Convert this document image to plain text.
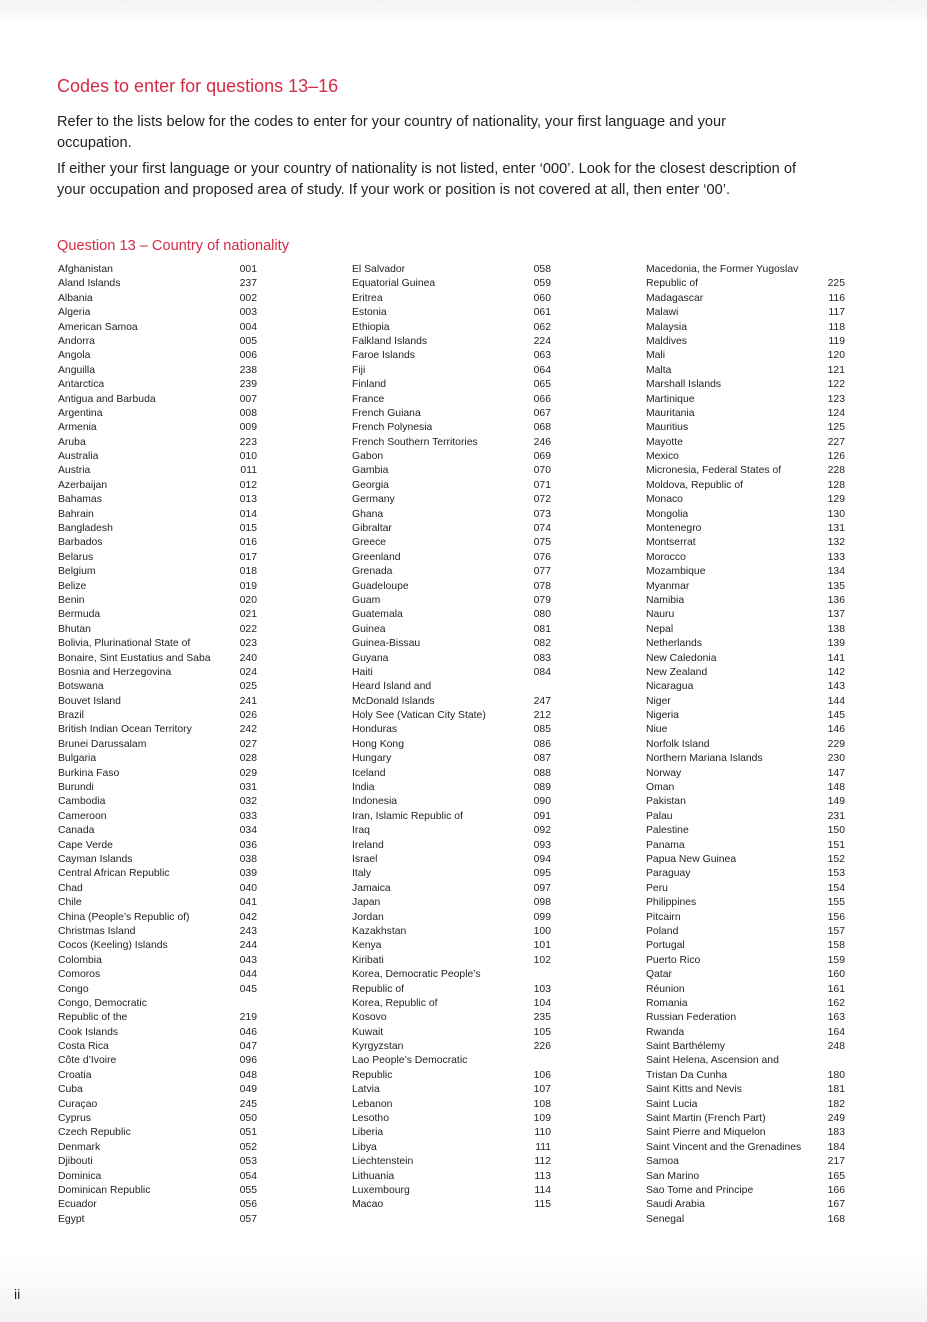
Codes to enter for questions 13–16

Refer to the lists below for the codes to enter for your country of nationality, your first language and your occupation.

If either your first language or your country of nationality is not listed, enter ‘000’. Look for the closest description of your occupation and proposed area of study. If your work or position is not covered at all, then enter ‘00’.

Question 13 – Country of nationality
Afghanistan	001
Aland Islands	237
Albania	002
Algeria	003
American Samoa	004
Andorra	005
Angola	006
Anguilla	238
Antarctica	239
Antigua and Barbuda	007
Argentina	008
Armenia	009
Aruba	223
Australia	010
Austria	011
Azerbaijan	012
Bahamas	013
Bahrain	014
Bangladesh	015
Barbados	016
Belarus	017
Belgium	018
Belize	019
Benin	020
Bermuda	021
Bhutan	022
Bolivia, Plurinational State of	023
Bonaire, Sint Eustatius and Saba	240
Bosnia and Herzegovina	024
Botswana	025
Bouvet Island	241
Brazil	026
British Indian Ocean Territory	242
Brunei Darussalam	027
Bulgaria	028
Burkina Faso	029
Burundi	031
Cambodia	032
Cameroon	033
Canada	034
Cape Verde	036
Cayman Islands	038
Central African Republic	039
Chad	040
Chile	041
China (People’s Republic of)	042
Christmas Island	243
Cocos (Keeling) Islands	244
Colombia	043
Comoros	044
Congo	045
Congo, Democratic
Republic of the	219
Cook Islands	046
Costa Rica	047
Côte d’Ivoire	096
Croatia	048
Cuba	049
Curaçao	245
Cyprus	050
Czech Republic	051
Denmark	052
Djibouti	053
Dominica	054
Dominican Republic	055
Ecuador	056
Egypt	057
El Salvador	058
Equatorial Guinea	059
Eritrea	060
Estonia	061
Ethiopia	062
Falkland Islands	224
Faroe Islands	063
Fiji	064
Finland	065
France	066
French Guiana	067
French Polynesia	068
French Southern Territories	246
Gabon	069
Gambia	070
Georgia	071
Germany	072
Ghana	073
Gibraltar	074
Greece	075
Greenland	076
Grenada	077
Guadeloupe	078
Guam	079
Guatemala	080
Guinea	081
Guinea-Bissau	082
Guyana	083
Haiti	084
Heard Island and
McDonald Islands	247
Holy See (Vatican City State)	212
Honduras	085
Hong Kong	086
Hungary	087
Iceland	088
India	089
Indonesia	090
Iran, Islamic Republic of	091
Iraq	092
Ireland	093
Israel	094
Italy	095
Jamaica	097
Japan	098
Jordan	099
Kazakhstan	100
Kenya	101
Kiribati	102
Korea, Democratic People’s
Republic of	103
Korea, Republic of	104
Kosovo	235
Kuwait	105
Kyrgyzstan	226
Lao People’s Democratic
Republic	106
Latvia	107
Lebanon	108
Lesotho	109
Liberia	110
Libya	111
Liechtenstein	112
Lithuania	113
Luxembourg	114
Macao	115
Macedonia, the Former Yugoslav
Republic of	225
Madagascar	116
Malawi	117
Malaysia	118
Maldives	119
Mali	120
Malta	121
Marshall Islands	122
Martinique	123
Mauritania	124
Mauritius	125
Mayotte	227
Mexico	126
Micronesia, Federal States of	228
Moldova, Republic of	128
Monaco	129
Mongolia	130
Montenegro	131
Montserrat	132
Morocco	133
Mozambique	134
Myanmar	135
Namibia	136
Nauru	137
Nepal	138
Netherlands	139
New Caledonia	141
New Zealand	142
Nicaragua	143
Niger	144
Nigeria	145
Niue	146
Norfolk Island	229
Northern Mariana Islands	230
Norway	147
Oman	148
Pakistan	149
Palau	231
Palestine	150
Panama	151
Papua New Guinea	152
Paraguay	153
Peru	154
Philippines	155
Pitcairn	156
Poland	157
Portugal	158
Puerto Rico	159
Qatar	160
Réunion	161
Romania	162
Russian Federation	163
Rwanda	164
Saint Barthélemy	248
Saint Helena, Ascension and
Tristan Da Cunha	180
Saint Kitts and Nevis	181
Saint Lucia	182
Saint Martin (French Part)	249
Saint Pierre and Miquelon	183
Saint Vincent and the Grenadines	184
Samoa	217
San Marino	165
Sao Tome and Principe	166
Saudi Arabia	167
Senegal	168
ii
